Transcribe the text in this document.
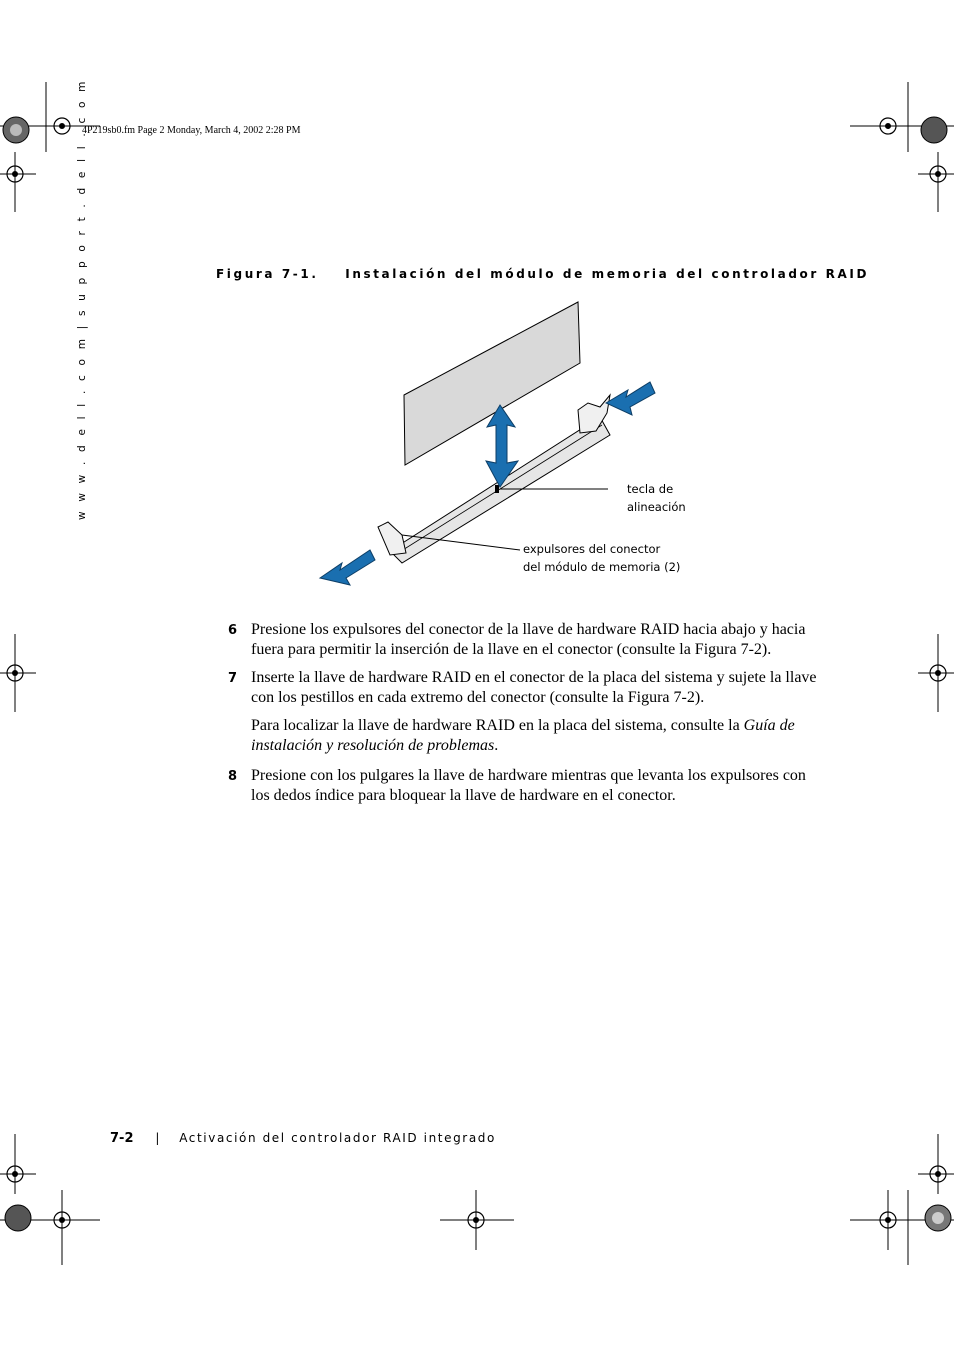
4P219sb0.fm Page 2 Monday, March 4, 2002 2:28 PM
w w w . d e l l . c o m | s u p p o r t . d e l l . c o m	Figura 7-1. Instalación del módulo de memoria del controlador RAID
tecla de
alineación
expulsores del conector
del módulo de memoria (2)
6 Presione los expulsores del conector de la llave de hardware RAID hacia abajo y hacia fuera para permitir la inserción de la llave en el conector (consulte la Figura 7-2).
7 Inserte la llave de hardware RAID en el conector de la placa del sistema y sujete la llave con los pestillos en cada extremo del conector (consulte la Figura 7-2).
Para localizar la llave de hardware RAID en la placa del sistema, consulte la Guía de instalación y resolución de problemas.
8 Presione con los pulgares la llave de hardware mientras que levanta los expulsores con los dedos índice para bloquear la llave de hardware en el conector.
7-2 | Activación del controlador RAID integrado
